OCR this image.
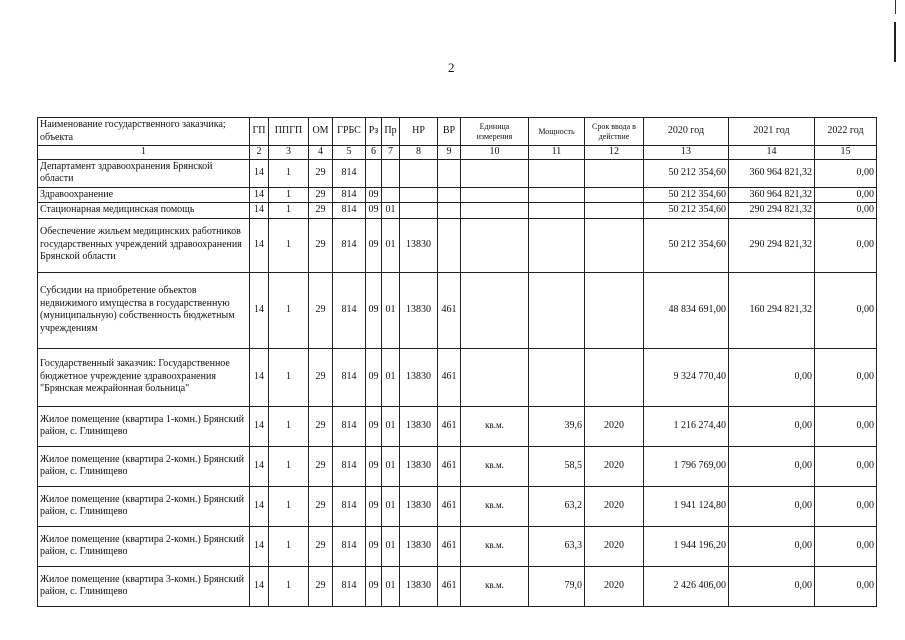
2
Наименование государственного заказчика; объекта	ГП	ППГП	ОМ	ГРБС	Рз	Пр	НР	ВР	Единица измерения	Мощность	Срок ввода в действие	2020 год	2021 год	2022 год
1	2	3	4	5	6	7	8	9	10	11	12	13	14	15
Департамент здравоохранения Брянской области	14	1	29	814								50 212 354,60	360 964 821,32	0,00
Здравоохранение	14	1	29	814	09							50 212 354,60	360 964 821,32	0,00
Стационарная медицинская помощь	14	1	29	814	09	01						50 212 354,60	290 294 821,32	0,00
Обеспечение жильем медицинских работников государственных учреждений здравоохранения Брянской области	14	1	29	814	09	01	13830					50 212 354,60	290 294 821,32	0,00
Субсидии на приобретение объектов недвижимого имущества в государственную (муниципальную) собственность бюджетным учреждениям	14	1	29	814	09	01	13830	461				48 834 691,00	160 294 821,32	0,00
Государственный заказчик: Государственное бюджетное учреждение здравоохранения "Брянская межрайонная больница"	14	1	29	814	09	01	13830	461				9 324 770,40	0,00	0,00
Жилое помещение (квартира 1-комн.) Брянский район, с. Глинищево	14	1	29	814	09	01	13830	461	кв.м.	39,6	2020	1 216 274,40	0,00	0,00
Жилое помещение (квартира 2-комн.) Брянский район, с. Глинищево	14	1	29	814	09	01	13830	461	кв.м.	58,5	2020	1 796 769,00	0,00	0,00
Жилое помещение (квартира 2-комн.) Брянский район, с. Глинищево	14	1	29	814	09	01	13830	461	кв.м.	63,2	2020	1 941 124,80	0,00	0,00
Жилое помещение (квартира 2-комн.) Брянский район, с. Глинищево	14	1	29	814	09	01	13830	461	кв.м.	63,3	2020	1 944 196,20	0,00	0,00
Жилое помещение (квартира 3-комн.) Брянский район, с. Глинищево	14	1	29	814	09	01	13830	461	кв.м.	79,0	2020	2 426 406,00	0,00	0,00
